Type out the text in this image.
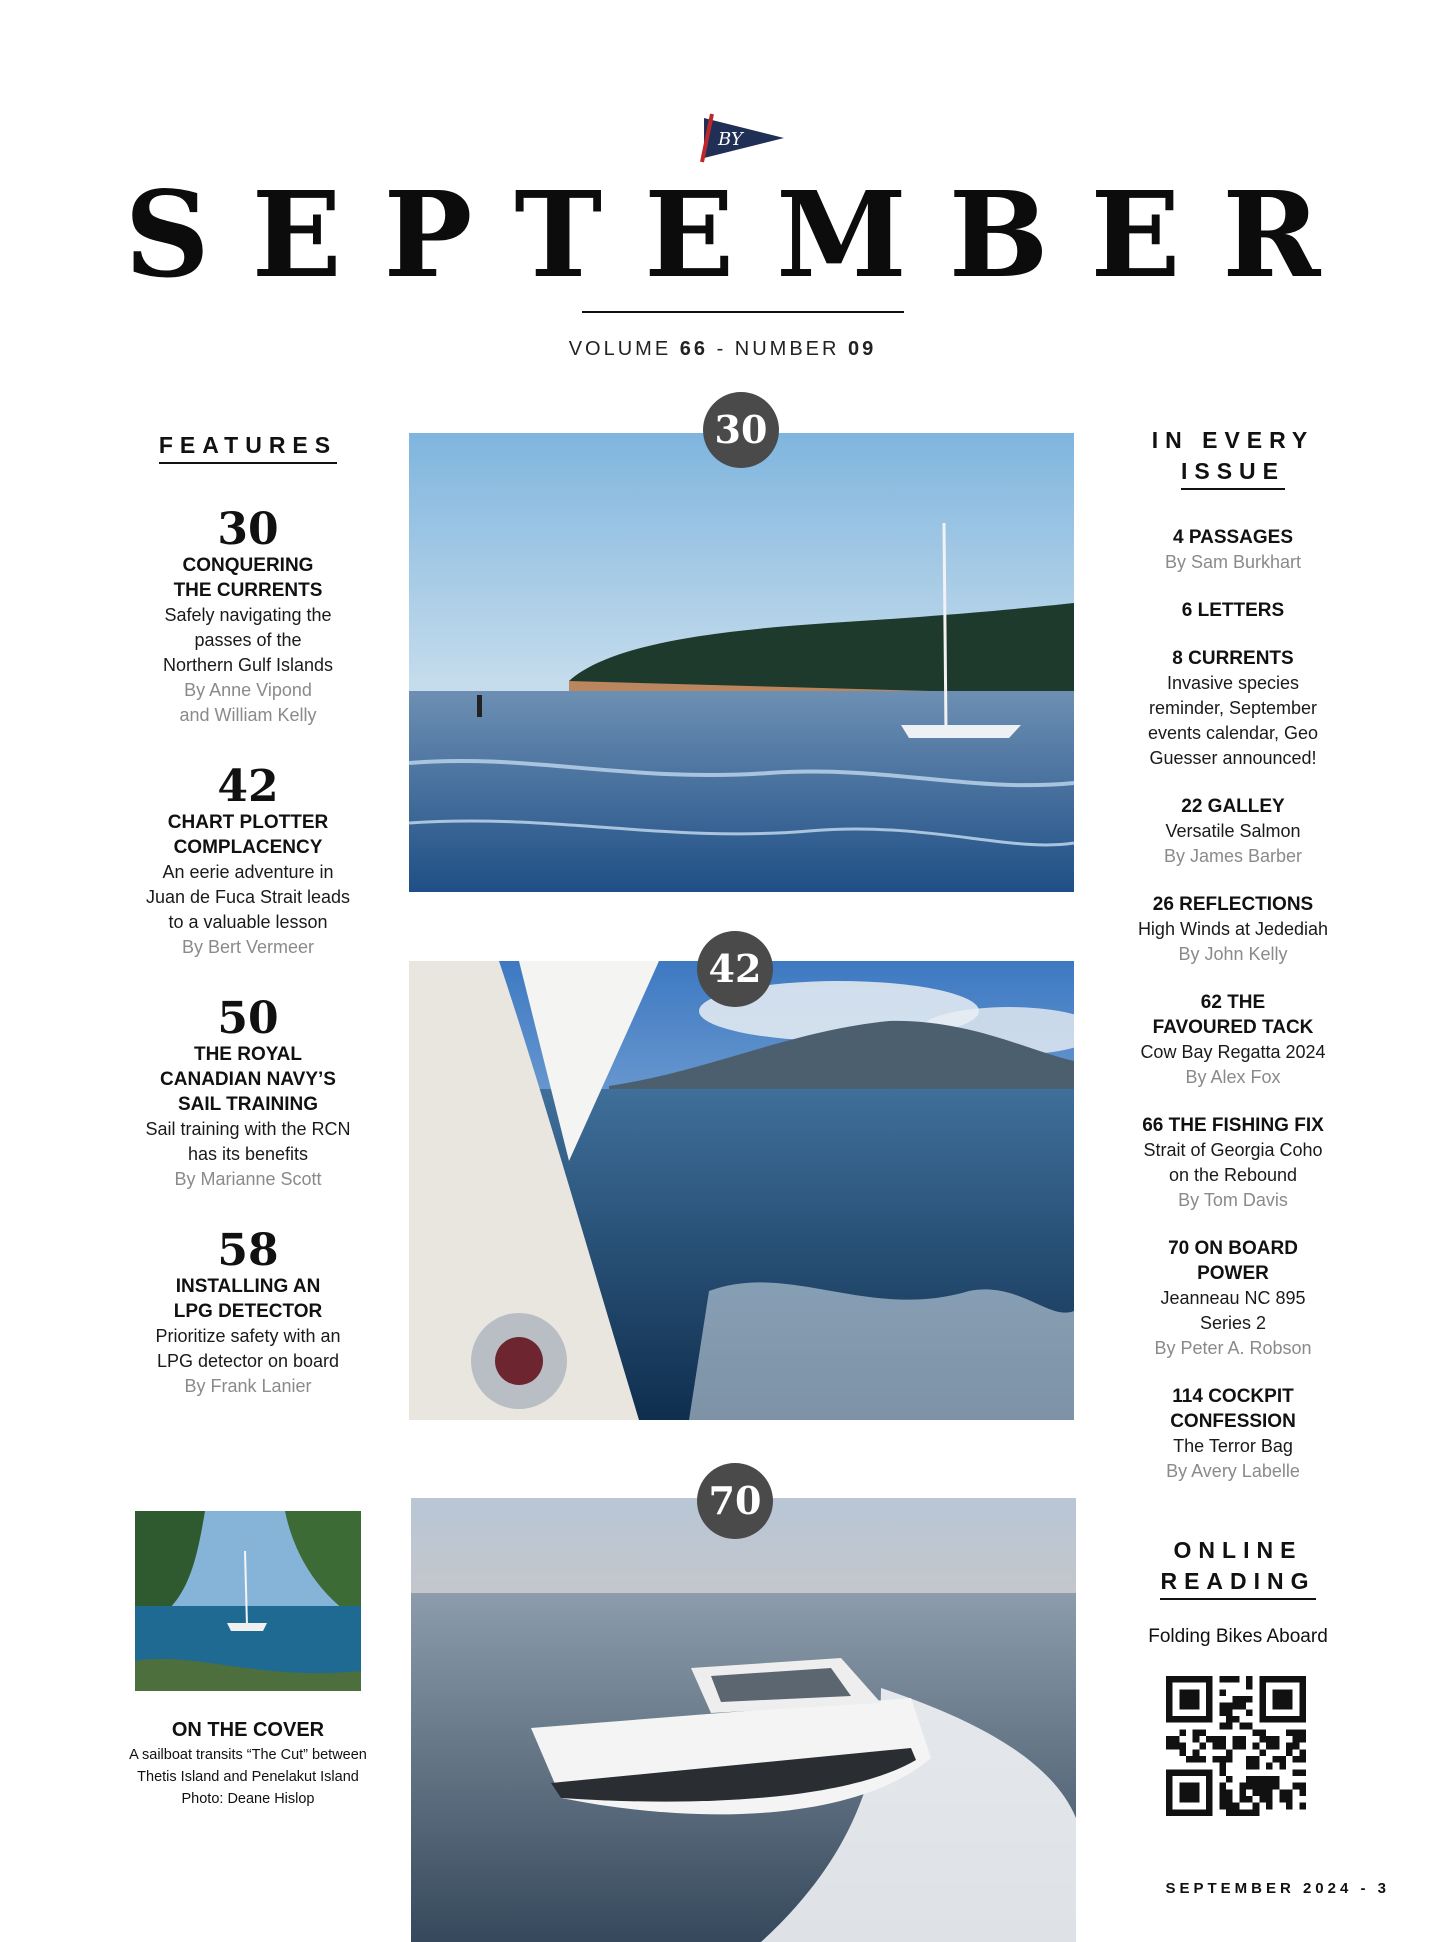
BY
SEPTEMBER
VOLUME 66 - NUMBER 09
FEATURES
30
CONQUERING
THE CURRENTS
Safely navigating the
passes of the
Northern Gulf Islands
By Anne Vipond
and William Kelly
42
CHART PLOTTER
COMPLACENCY
An eerie adventure in
Juan de Fuca Strait leads
to a valuable lesson
By Bert Vermeer
50
THE ROYAL
CANADIAN NAVY’S
SAIL TRAINING
Sail training with the RCN
has its benefits
By Marianne Scott
58
INSTALLING AN
LPG DETECTOR
Prioritize safety with an
LPG detector on board
By Frank Lanier
30
42
70
IN EVERY
ISSUE
4 PASSAGES
By Sam Burkhart
6 LETTERS
8 CURRENTS
Invasive species
reminder, September
events calendar, Geo
Guesser announced!
22 GALLEY
Versatile Salmon
By James Barber
26 REFLECTIONS
High Winds at Jedediah
By John Kelly
62 THE
FAVOURED TACK
Cow Bay Regatta 2024
By Alex Fox
66 THE FISHING FIX
Strait of Georgia Coho
on the Rebound
By Tom Davis
70 ON BOARD
POWER
Jeanneau NC 895
Series 2
By Peter A. Robson
114 COCKPIT
CONFESSION
The Terror Bag
By Avery Labelle
ONLINE
READING
Folding Bikes Aboard
ON THE COVER
A sailboat transits “The Cut” between
Thetis Island and Penelakut Island
Photo: Deane Hislop
SEPTEMBER 2024 - 3
